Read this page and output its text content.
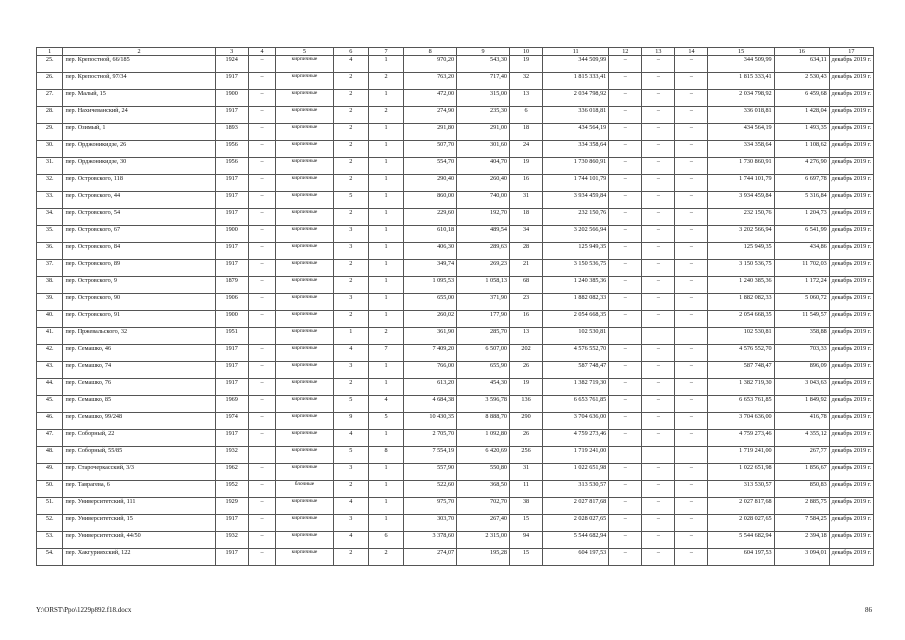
1	2	3	4	5	6	7	8	9	10	11	12	13	14	15	16	17
25.	пер. Крепостной, 66/185	1924	–	кирпичные	4	1	970,20	543,30	19	344 509,99	–	–	–	344 509,99	634,11	декабрь 2019 г.
26.	пер. Крепостной, 97/34	1917	–	кирпичные	2	2	763,20	717,40	32	1 815 333,41	–	–	–	1 815 333,41	2 530,43	декабрь 2019 г.
27.	пер. Малый, 15	1900	–	кирпичные	2	1	472,00	315,00	13	2 034 798,92	–	–	–	2 034 798,92	6 459,68	декабрь 2019 г.
28.	пер. Нахичеванский, 24	1917	–	кирпичные	2	2	274,90	235,30	6	336 018,81	–	–	–	336 018,81	1 428,04	декабрь 2019 г.
29.	пер. Озимый, 1	1893	–	кирпичные	2	1	291,80	291,00	18	434 564,19	–	–	–	434 564,19	1 493,35	декабрь 2019 г.
30.	пер. Орджоникидзе, 26	1956	–	кирпичные	2	1	507,70	301,60	24	334 358,64	–	–	–	334 358,64	1 108,62	декабрь 2019 г.
31.	пер. Орджоникидзе, 30	1956	–	кирпичные	2	1	554,70	404,70	19	1 730 860,91	–	–	–	1 730 860,91	4 276,90	декабрь 2019 г.
32.	пер. Островского, 118	1917	–	кирпичные	2	1	290,40	260,40	16	1 744 101,79	–	–	–	1 744 101,79	6 697,78	декабрь 2019 г.
33.	пер. Островского, 44	1917	–	кирпичные	5	1	860,00	740,00	31	3 934 459,84	–	–	–	3 934 459,84	5 316,84	декабрь 2019 г.
34.	пер. Островского, 54	1917	–	кирпичные	2	1	229,60	192,70	18	232 150,76	–	–	–	232 150,76	1 204,73	декабрь 2019 г.
35.	пер. Островского, 67	1900	–	кирпичные	3	1	610,18	489,54	34	3 202 566,94	–	–	–	3 202 566,94	6 541,99	декабрь 2019 г.
36.	пер. Островского, 84	1917	–	кирпичные	3	1	406,30	289,63	28	125 949,35	–	–	–	125 949,35	434,86	декабрь 2019 г.
37.	пер. Островского, 89	1917	–	кирпичные	2	1	349,74	269,23	21	3 150 536,75	–	–	–	3 150 536,75	11 702,03	декабрь 2019 г.
38.	пер. Островского, 9	1879	–	кирпичные	2	1	1 095,53	1 058,13	68	1 240 385,36	–	–	–	1 240 385,36	1 172,24	декабрь 2019 г.
39.	пер. Островского, 90	1906	–	кирпичные	3	1	655,00	371,90	23	1 882 082,33	–	–	–	1 882 082,33	5 060,72	декабрь 2019 г.
40.	пер. Островского, 91	1900	–	кирпичные	2	1	260,02	177,90	16	2 054 668,35	–	–	–	2 054 668,35	11 549,57	декабрь 2019 г.
41.	пер. Пржевальского, 32	1951		кирпичные	1	2	361,90	285,70	13	102 530,81				102 530,81	358,88	декабрь 2019 г.
42.	пер. Семашко, 46	1917	–	кирпичные	4	7	7 409,20	6 507,00	202	4 576 552,70	–	–	–	4 576 552,70	703,33	декабрь 2019 г.
43.	пер. Семашко, 74	1917	–	кирпичные	3	1	766,00	655,90	26	587 748,47	–	–	–	587 748,47	896,09	декабрь 2019 г.
44.	пер. Семашко, 76	1917	–	кирпичные	2	1	613,20	454,30	19	1 382 719,30	–	–	–	1 382 719,30	3 043,63	декабрь 2019 г.
45.	пер. Семашко, 85	1969	–	кирпичные	5	4	4 684,38	3 596,78	136	6 653 761,85	–	–	–	6 653 761,85	1 849,92	декабрь 2019 г.
46.	пер. Семашко, 99/248	1974	–	кирпичные	9	5	10 430,35	8 888,70	290	3 704 636,00	–	–	–	3 704 636,00	416,78	декабрь 2019 г.
47.	пер. Соборный, 22	1917	–	кирпичные	4	1	2 705,70	1 092,80	26	4 759 273,46	–	–	–	4 759 273,46	4 355,12	декабрь 2019 г.
48.	пер. Соборный, 55/85	1932		кирпичные	5	8	7 554,19	6 420,69	256	1 719 241,00				1 719 241,00	267,77	декабрь 2019 г.
49.	пер. Старочеркасский, 3/3	1962	–	кирпичные	3	1	557,90	550,80	31	1 022 651,98	–	–	–	1 022 651,98	1 856,67	декабрь 2019 г.
50.	пер. Таврагева, 6	1952	–	блочные	2	1	522,60	368,50	11	313 530,57	–	–	–	313 530,57	850,83	декабрь 2019 г.
51.	пер. Университетский, 111	1929	–	кирпичные	4	1	975,70	702,70	38	2 027 817,68	–	–	–	2 027 817,68	2 885,75	декабрь 2019 г.
52.	пер. Университетский, 15	1917	–	кирпичные	3	1	303,70	267,40	15	2 028 027,65	–	–	–	2 028 027,65	7 584,25	декабрь 2019 г.
53.	пер. Университетский, 44/50	1932	–	кирпичные	4	6	3 378,60	2 315,00	94	5 544 682,94	–	–	–	5 544 682,94	2 394,18	декабрь 2019 г.
54.	пер. Хакгурияхский, 122	1917	–	кирпичные	2	2	274,07	195,28	15	604 197,53	–	–	–	604 197,53	3 094,01	декабрь 2019 г.
Y:\ORST\Ppo\1229p892.f18.docx	86
